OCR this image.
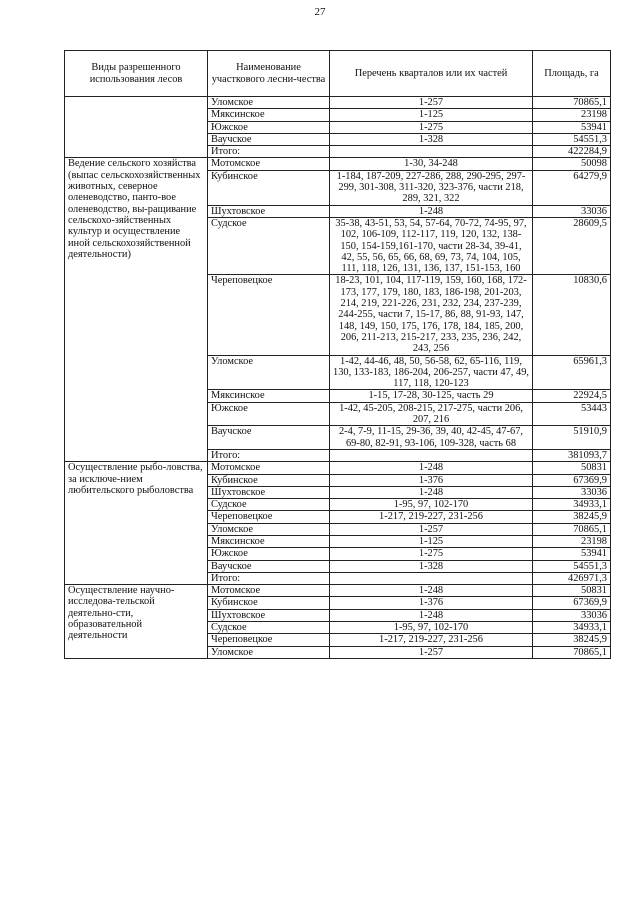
27
Виды разрешенного использования лесов	Наименование участкового лесни-чества	Перечень кварталов или их частей	Площадь, га
	Уломское	1-257	70865,1
	Мяксинское	1-125	23198
	Южское	1-275	53941
	Ваучское	1-328	54551,3
	Итого:		422284,9
Ведение сельского хозяйства (выпас сельскохозяйственных животных, северное оленеводство, панто-вое оленеводство, вы-ращивание сельскохо-зяйственных культур и осуществление иной сельскохозяйственной деятельности)	Мотомское	1-30, 34-248	50098
	Кубинское	1-184, 187-209, 227-286, 288, 290-295, 297-299, 301-308, 311-320, 323-376, части 218, 289, 321, 322	64279,9
	Шухтовское	1-248	33036
	Судское	35-38, 43-51, 53, 54, 57-64, 70-72, 74-95, 97, 102, 106-109, 112-117, 119, 120, 132, 138-150, 154-159,161-170, части 28-34, 39-41, 42, 55, 56, 65, 66, 68, 69, 73, 74, 104, 105, 111, 118, 126, 131, 136, 137, 151-153, 160	28609,5
	Череповецкое	18-23, 101, 104, 117-119, 159, 160, 168, 172-173, 177, 179, 180, 183, 186-198, 201-203, 214, 219, 221-226, 231, 232, 234, 237-239, 244-255, части 7, 15-17, 86, 88, 91-93, 147, 148, 149, 150, 175, 176, 178, 184, 185, 200, 206, 211-213, 215-217, 233, 235, 236, 242, 243, 256	10830,6
	Уломское	1-42, 44-46, 48, 50, 56-58, 62, 65-116, 119, 130, 133-183, 186-204, 206-257, части 47, 49, 117, 118, 120-123	65961,3
	Мяксинское	1-15, 17-28, 30-125, часть 29	22924,5
	Южское	1-42, 45-205, 208-215, 217-275, части 206, 207, 216	53443
	Ваучское	2-4, 7-9, 11-15, 29-36, 39, 40, 42-45, 47-67, 69-80, 82-91, 93-106, 109-328, часть 68	51910,9
	Итого:		381093,7
Осуществление рыбо-ловства, за исключе-нием любительского рыболовства	Мотомское	1-248	50831
	Кубинское	1-376	67369,9
	Шухтовское	1-248	33036
	Судское	1-95, 97, 102-170	34933,1
	Череповецкое	1-217, 219-227, 231-256	38245,9
	Уломское	1-257	70865,1
	Мяксинское	1-125	23198
	Южское	1-275	53941
	Ваучское	1-328	54551,3
	Итого:		426971,3
Осуществление научно-исследова-тельской деятельно-сти, образовательной деятельности	Мотомское	1-248	50831
	Кубинское	1-376	67369,9
	Шухтовское	1-248	33036
	Судское	1-95, 97, 102-170	34933,1
	Череповецкое	1-217, 219-227, 231-256	38245,9
	Уломское	1-257	70865,1
